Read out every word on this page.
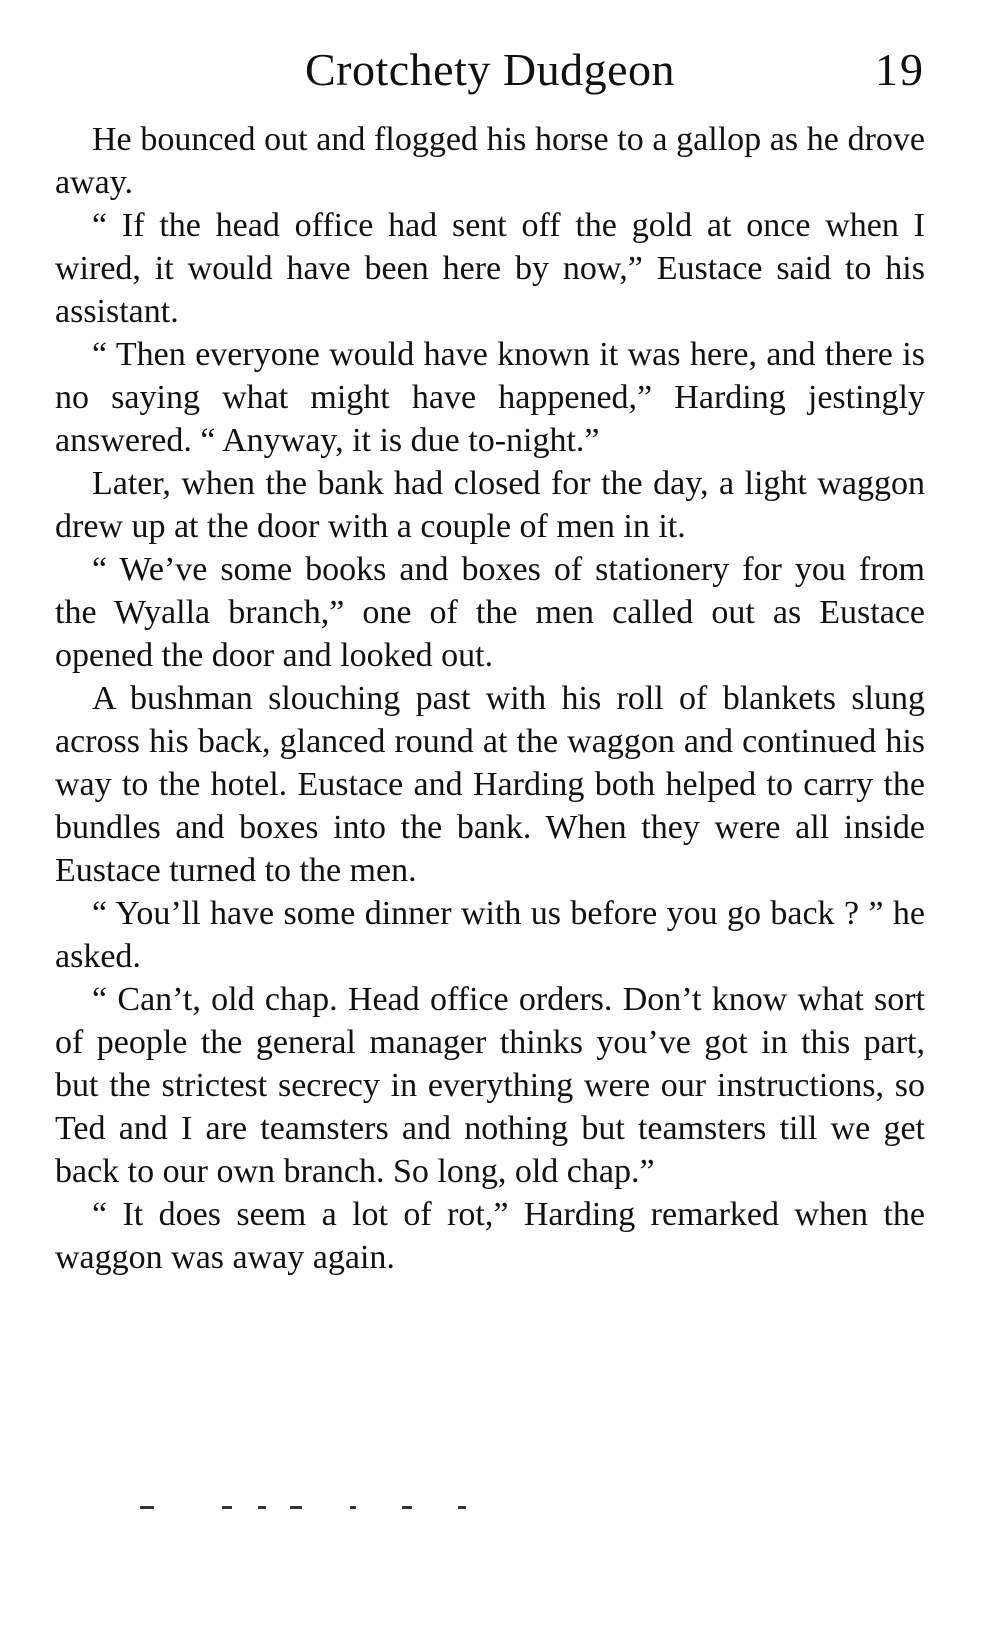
Crotchety Dudgeon	19

He bounced out and flogged his horse to a gallop as he drove away.

“ If the head office had sent off the gold at once when I wired, it would have been here by now,” Eustace said to his assistant.

“ Then everyone would have known it was here, and there is no saying what might have happened,” Harding jestingly answered. “ Anyway, it is due to-night.”

Later, when the bank had closed for the day, a light waggon drew up at the door with a couple of men in it.

“ We’ve some books and boxes of stationery for you from the Wyalla branch,” one of the men called out as Eustace opened the door and looked out.

A bushman slouching past with his roll of blankets slung across his back, glanced round at the waggon and continued his way to the hotel. Eustace and Harding both helped to carry the bundles and boxes into the bank. When they were all inside Eustace turned to the men.

“ You’ll have some dinner with us before you go back ? ” he asked.

“ Can’t, old chap. Head office orders. Don’t know what sort of people the general manager thinks you’ve got in this part, but the strictest secrecy in everything were our instructions, so Ted and I are teamsters and nothing but teamsters till we get back to our own branch. So long, old chap.”

“ It does seem a lot of rot,” Harding remarked when the waggon was away again.
